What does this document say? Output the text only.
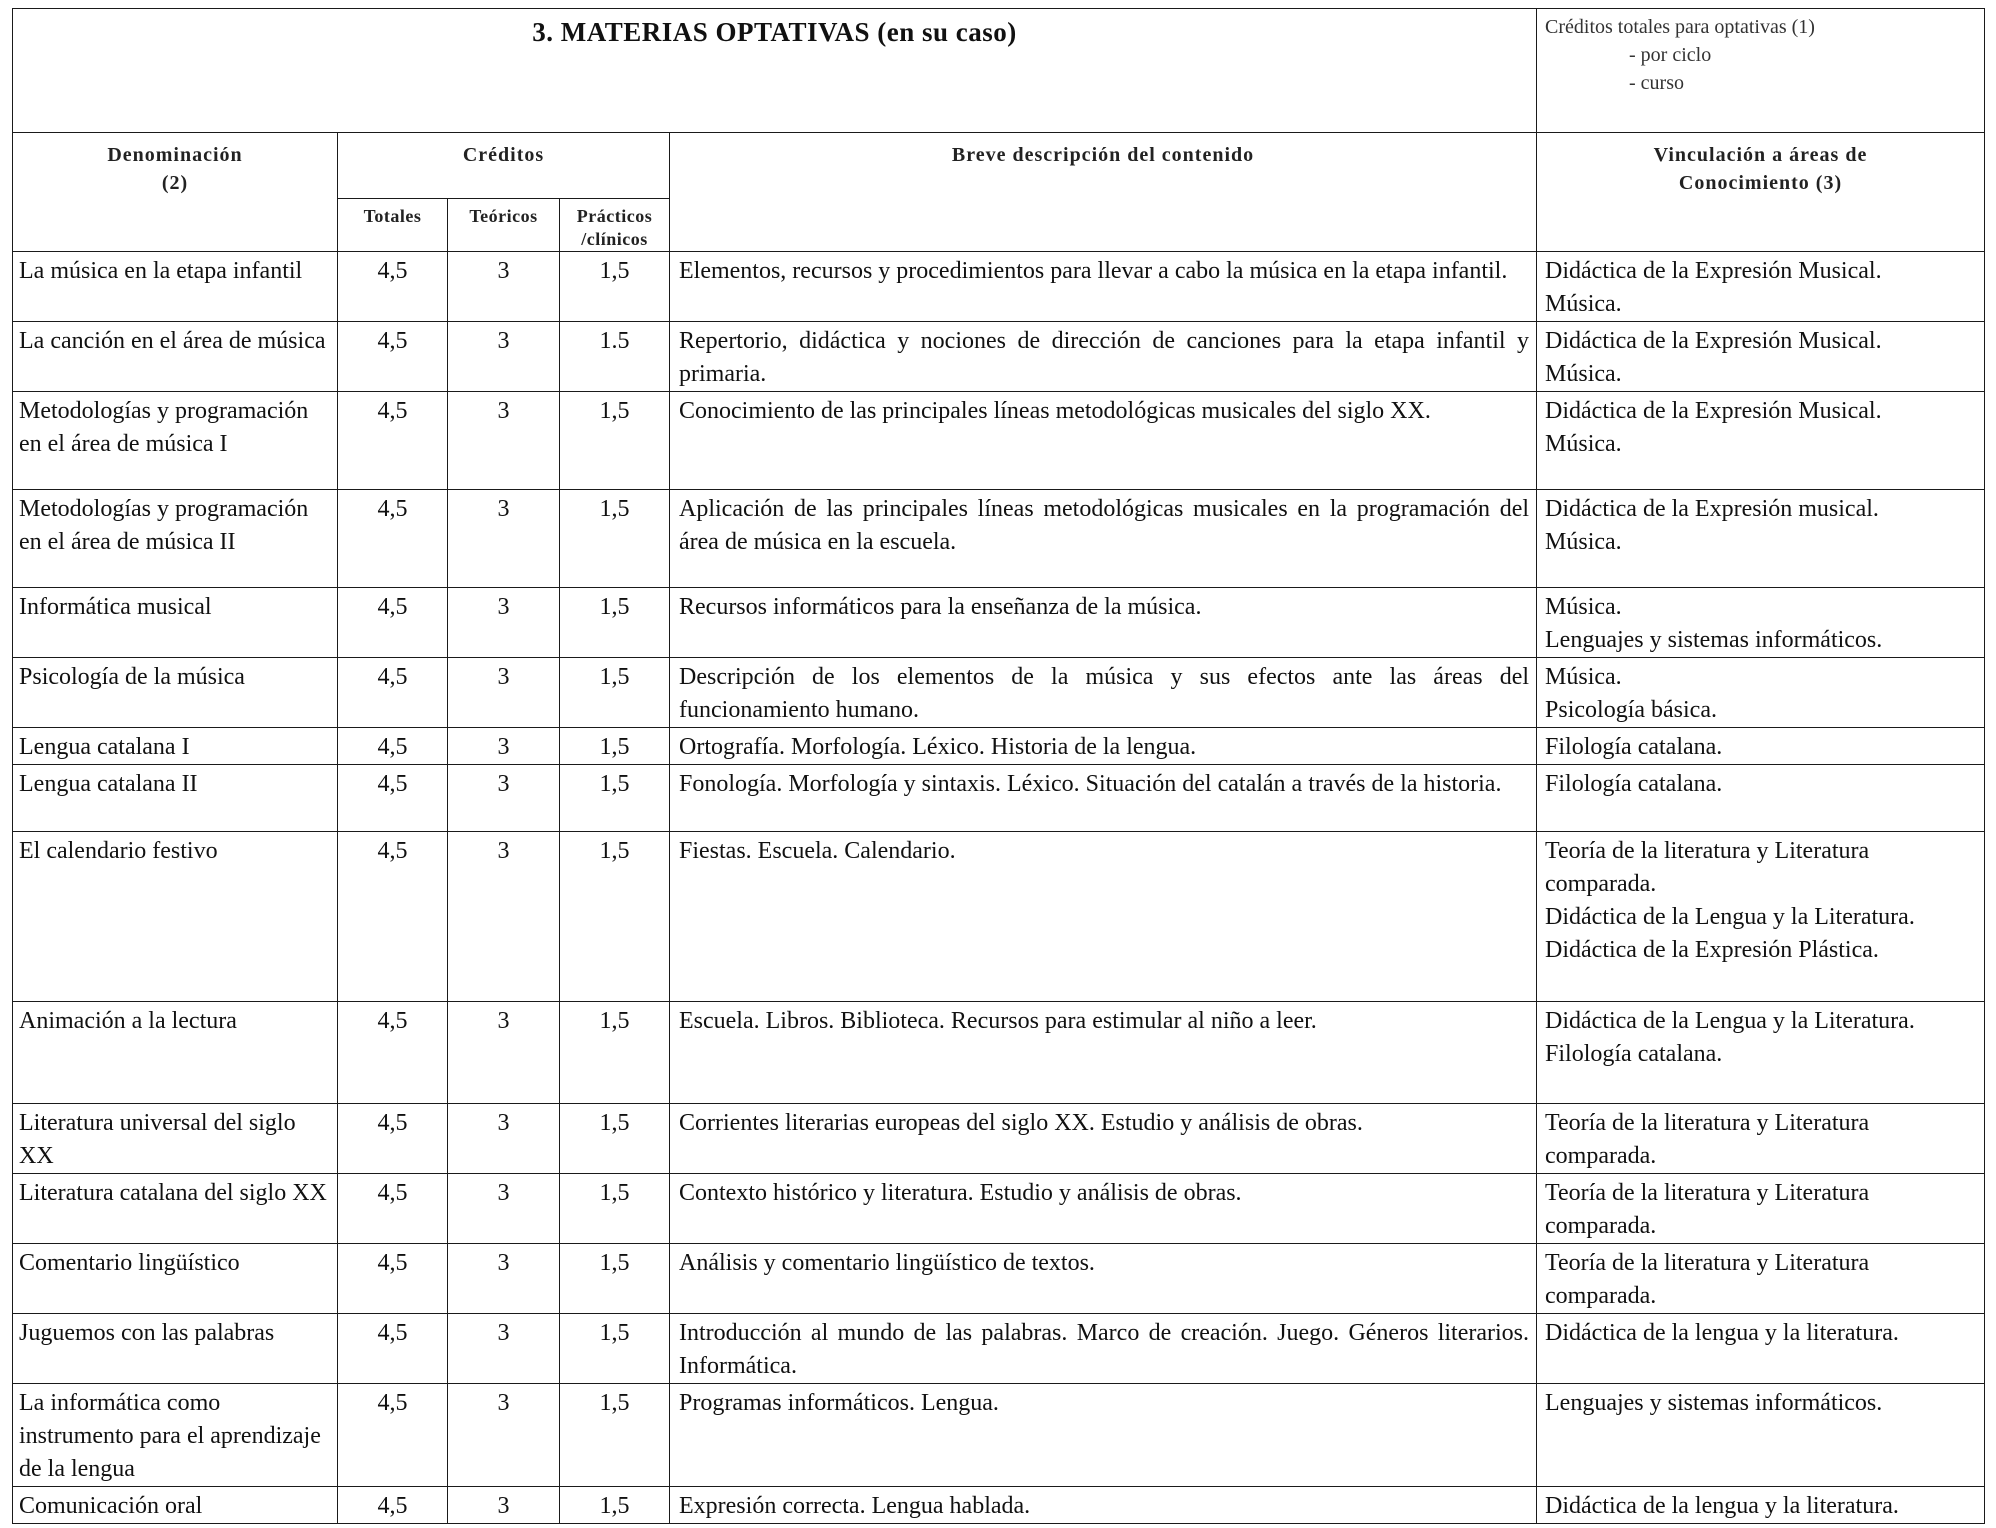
3. MATERIAS OPTATIVAS (en su caso)					Créditos totales para optativas (1)
- por ciclo
- curso

Denominación
(2)	Créditos			Breve descripción del contenido	Vinculación a áreas de
Conocimiento (3)
	Totales	Teóricos	Prácticos
/clínicos		
La música en la etapa infantil	4,5	3	1,5	Elementos, recursos y procedimientos para llevar a cabo la música en la etapa infantil.	Didáctica de la Expresión Musical.
Música.

La canción en el área de música	4,5	3	1.5	Repertorio, didáctica y nociones de dirección de canciones para la etapa infantil y primaria.	Didáctica de la Expresión Musical.
Música.

Metodologías y programación en el área de música I	4,5	3	1,5	Conocimiento de las principales líneas metodológicas musicales del siglo XX.	Didáctica de la Expresión Musical.
Música.

Metodologías y programación en el área de música II	4,5	3	1,5	Aplicación de las principales líneas metodológicas musicales en la programación del área de música en la escuela.	Didáctica de la Expresión musical.
Música.

Informática musical	4,5	3	1,5	Recursos informáticos para la enseñanza de la música.	Música.
Lenguajes y sistemas informáticos.

Psicología de la música	4,5	3	1,5	Descripción de los elementos de la música y sus efectos ante las áreas del funcionamiento humano.	Música.
Psicología básica.

Lengua catalana I	4,5	3	1,5	Ortografía. Morfología. Léxico. Historia de la lengua.	Filología catalana.

Lengua catalana II	4,5	3	1,5	Fonología. Morfología y sintaxis. Léxico. Situación del catalán a través de la historia.	Filología catalana.

El calendario festivo	4,5	3	1,5	Fiestas. Escuela. Calendario.	Teoría de la literatura y Literatura comparada.
Didáctica de la Lengua y la Literatura.
Didáctica de la Expresión Plástica.

Animación a la lectura	4,5	3	1,5	Escuela. Libros. Biblioteca. Recursos para estimular al niño a leer.	Didáctica de la Lengua y la Literatura.
Filología catalana.

Literatura universal del siglo XX	4,5	3	1,5	Corrientes literarias europeas del siglo XX. Estudio y análisis de obras.	Teoría de la literatura y Literatura comparada.

Literatura catalana del siglo XX	4,5	3	1,5	Contexto histórico y literatura. Estudio y análisis de obras.	Teoría de la literatura y Literatura comparada.

Comentario lingüístico	4,5	3	1,5	Análisis y comentario lingüístico de textos.	Teoría de la literatura y Literatura comparada.

Juguemos con las palabras	4,5	3	1,5	Introducción al mundo de las palabras. Marco de creación. Juego. Géneros literarios. Informática.	Didáctica de la lengua y la literatura.

La informática como instrumento para el aprendizaje de la lengua	4,5	3	1,5	Programas informáticos. Lengua.	Lenguajes y sistemas informáticos.

Comunicación oral	4,5	3	1,5	Expresión correcta. Lengua hablada.	Didáctica de la lengua y la literatura.
